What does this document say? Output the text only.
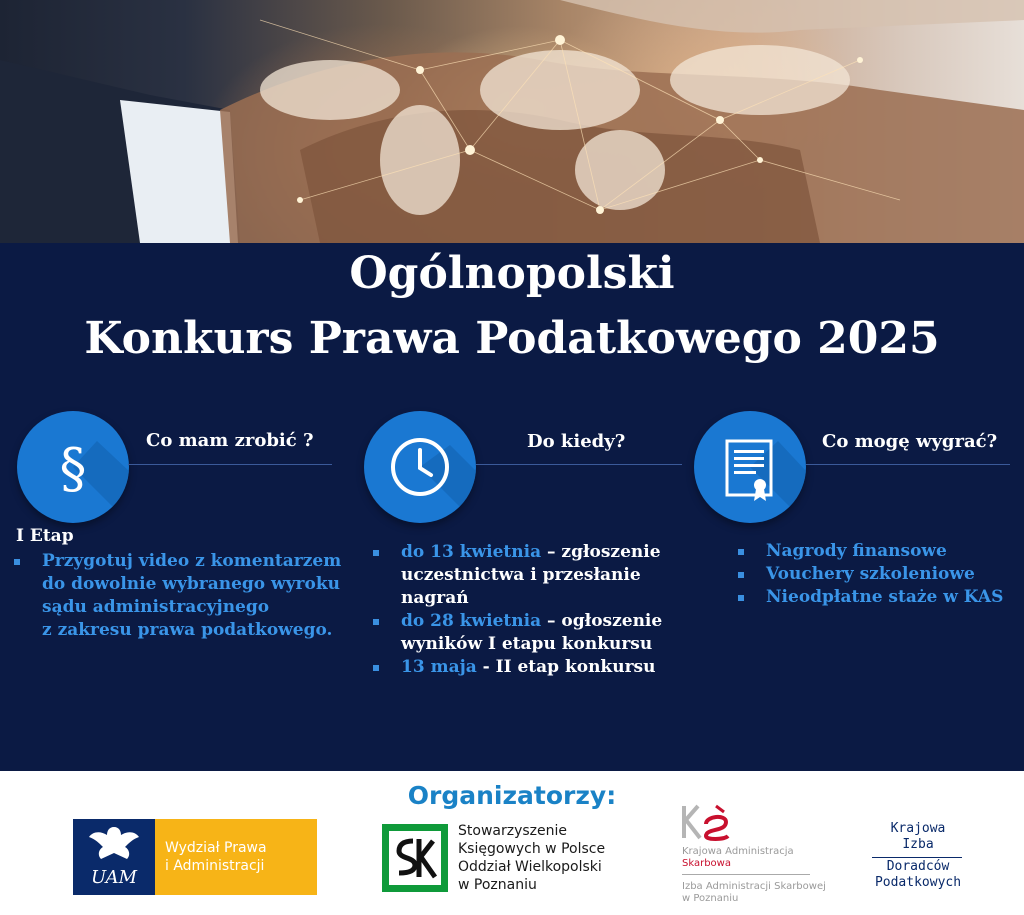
Ogólnopolski
Konkurs Prawa Podatkowego 2025
§	Co mam zrobić ?	Do kiedy?	Co mogę wygrać?
I Etap
Przygotuj video z komentarzem
do dowolnie wybranego wyroku
sądu administracyjnego
z zakresu prawa podatkowego.
do 13 kwietnia – zgłoszenie
uczestnictwa i przesłanie nagrań
do 28 kwietnia – ogłoszenie
wyników I etapu konkursu
13 maja - II etap konkursu
Nagrody finansowe
Vouchery szkoleniowe
Nieodpłatne staże w KAS
Organizatorzy:
UAM
Wydział Prawa
i Administracji
Stowarzyszenie
Księgowych w Polsce
Oddział Wielkopolski
w Poznaniu
Krajowa Administracja
Skarbowa
Izba Administracji Skarbowej
w Poznaniu
Krajowa
Izba
Doradców
Podatkowych
